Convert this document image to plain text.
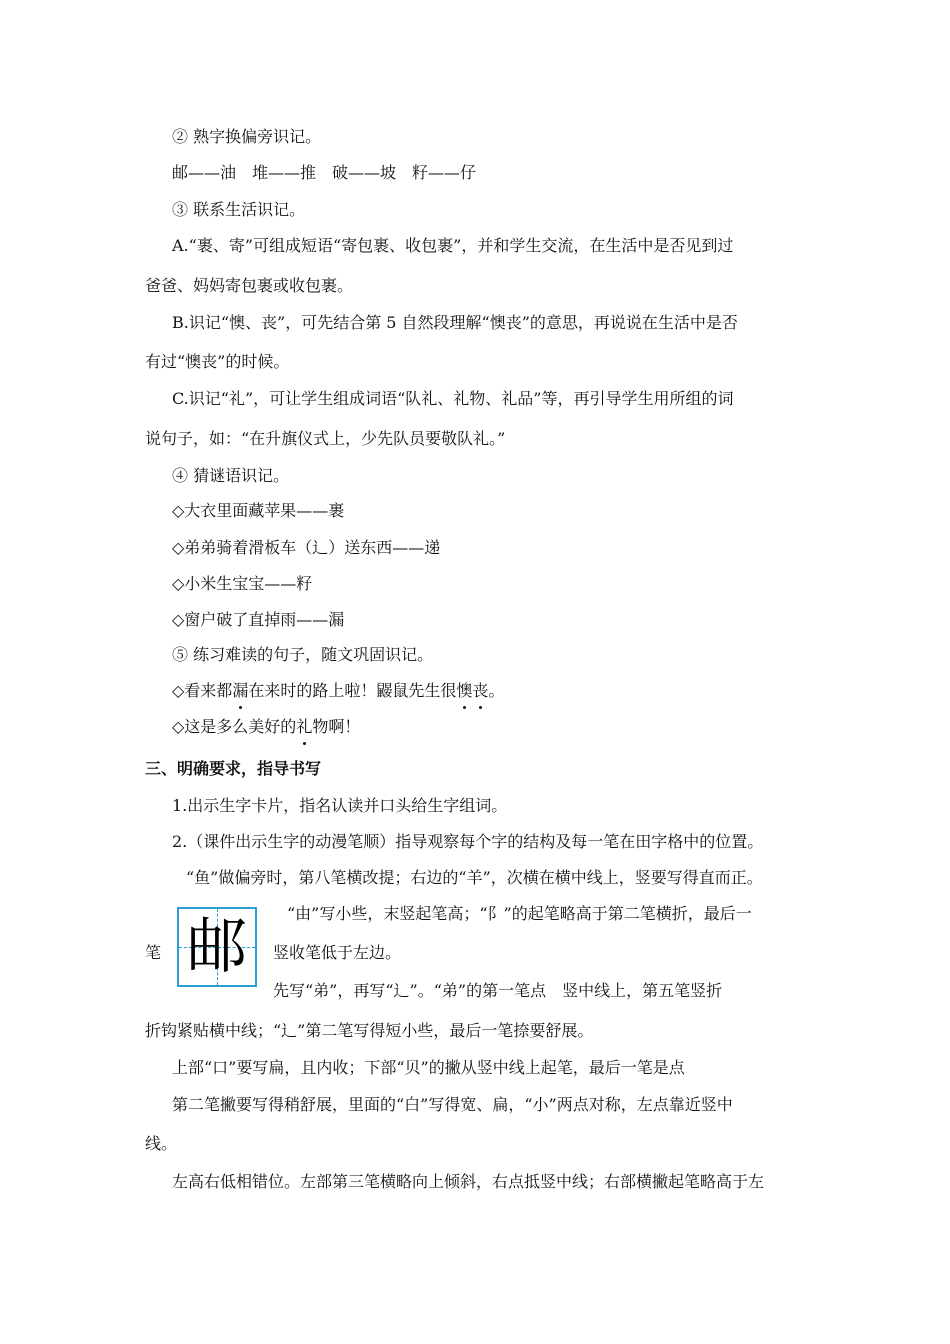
② 熟字换偏旁识记。
邮——油　堆——推　破——坡　籽——仔
③ 联系生活识记。
A.“裹、寄”可组成短语“寄包裹、收包裹”，并和学生交流，在生活中是否见到过
爸爸、妈妈寄包裹或收包裹。
B.识记“懊、丧”，可先结合第 5 自然段理解“懊丧”的意思，再说说在生活中是否
有过“懊丧”的时候。
C.识记“礼”，可让学生组成词语“队礼、礼物、礼品”等，再引导学生用所组的词
说句子，如：“在升旗仪式上，少先队员要敬队礼。”
④ 猜谜语识记。
◇大衣里面藏苹果——裹
◇弟弟骑着滑板车（辶）送东西——递
◇小米生宝宝——籽
◇窗户破了直掉雨——漏
⑤ 练习难读的句子，随文巩固识记。
◇看来都漏在来时的路上啦！鼹鼠先生很懊丧。
◇这是多么美好的礼物啊！
三、明确要求，指导书写
1.出示生字卡片，指名认读并口头给生字组词。
2.（课件出示生字的动漫笔顺）指导观察每个字的结构及每一笔在田字格中的位置。
“鱼”做偏旁时，第八笔横改提；右边的“羊”，次横在横中线上，竖要写得直而正。
邮	“由”写小些，末竖起笔高；“阝”的起笔略高于第二笔横折，最后一
笔	竖收笔低于左边。
先写“弟”，再写“辶”。“弟”的第一笔点　竖中线上，第五笔竖折
折钩紧贴横中线；“辶”第二笔写得短小些，最后一笔捺要舒展。
上部“口”要写扁，且内收；下部“贝”的撇从竖中线上起笔，最后一笔是点
第二笔撇要写得稍舒展，里面的“白”写得宽、扁，“小”两点对称，左点靠近竖中
线。
左高右低相错位。左部第三笔横略向上倾斜，右点抵竖中线；右部横撇起笔略高于左
